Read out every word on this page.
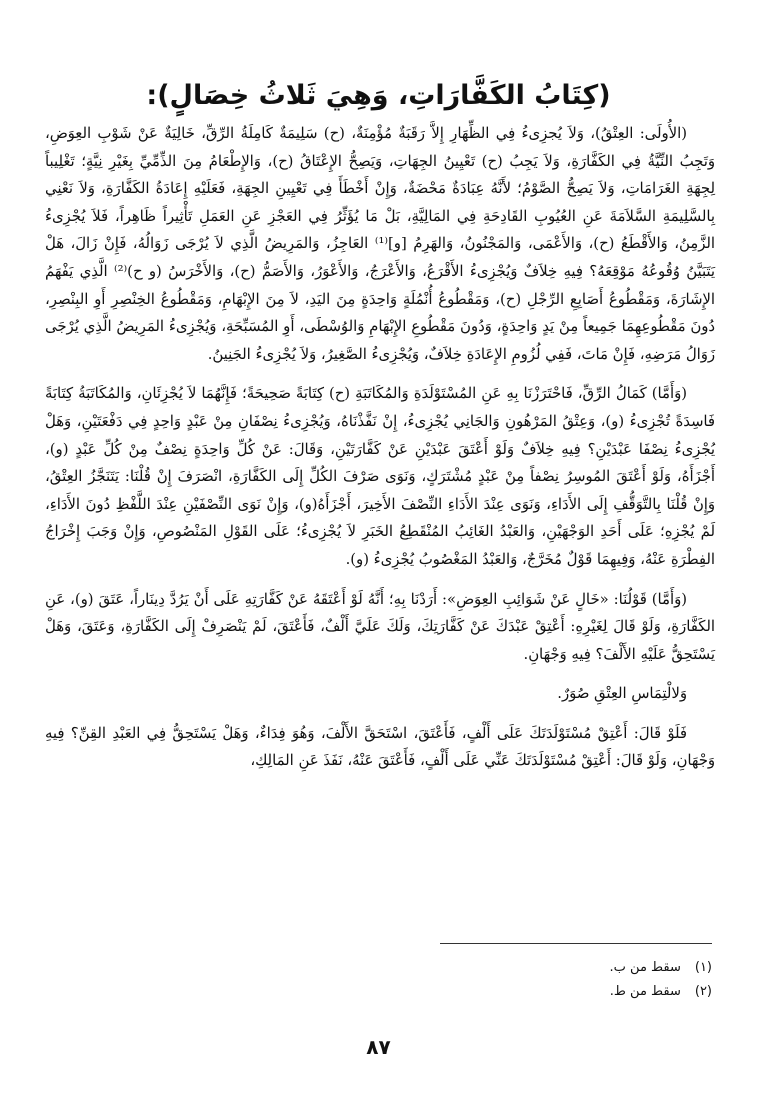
(كِتَابُ الكَفَّارَاتِ، وَهِيَ ثَلاثُ خِصَالٍ):

(الأُولَى: العِتْقُ)، وَلاَ يُجزِىءُ فِي الظِّهَارِ إِلاَّ رَقَبَةٌ مُؤْمِنَةٌ، (ح) سَلِيمَةٌ كَامِلَةُ الرِّقِّ، خَالِيَةٌ عَنْ شَوْبِ العِوَضِ، وَتَجِبُ النِّيَّةُ فِي الكَفَّارَةِ، وَلاَ يَجِبُ (ح) تَعْيِينُ الجِهَاتِ، وَيَصِحُّ الإِعْتَاقُ (ح)، وَالإِطْعَامُ مِنَ الذِّمِّيِّ بِغَيْرِ نِيَّةٍ؛ تَغْلِيباً لِجِهَةِ الغَرَامَاتِ، وَلاَ يَصِحُّ الصَّوْمُ؛ لأَنَّهُ عِبَادَةٌ مَحْضَةٌ، وَإِنْ أَخْطَأَ فِي تَعْيِينِ الجِهَةِ، فَعَلَيْهِ إِعَادَةُ الكَفَّارَةِ، وَلاَ نَعْنِي بِالسَّلِيمَةِ السَّلاَمَةَ عَنِ العُيُوبِ القَادِحَةِ فِي المَالِيَّةِ، بَلْ مَا يُؤَثِّرُ فِي العَجْزِ عَنِ العَمَلِ تَأْثِيراً ظَاهِراً، فَلاَ يُجْزِىءُ الزَّمِنُ، وَالأَقْطَعُ (ح)، وَالأَعْمَى، وَالمَجْنُونُ، وَالهَرِمُ [و]⁽¹⁾ العَاجِزُ، وَالمَرِيضُ الَّذِي لاَ يُرْجَى زَوَالُهُ، فَإِنْ زَالَ، هَلْ يَتَبَيَّنُ وُقُوعُهُ مَوْقِعَهُ؟ فِيهِ خِلاَفٌ وَيُجْزِىءُ الأَقْرَعُ، وَالأَعْرَجُ، وَالأَعْوَرُ، وَالأَصَمُّ (ح)، وَالأَخْرَسُ (و ح)⁽²⁾ الَّذِي يَفْهَمُ الإِشَارَةَ، وَمَقْطُوعُ أَصَابِعِ الرِّجْلِ (ح)، وَمَقْطُوعُ أُنْمُلَةٍ وَاحِدَةٍ مِنَ اليَدِ، لاَ مِنَ الإِبْهَامِ، وَمَقْطُوعُ الخِنْصِرِ أَوِ البِنْصِرِ، دُونَ مَقْطُوعِهِمَا جَمِيعاً مِنْ يَدٍ وَاحِدَةٍ، وَدُونَ مَقْطُوعِ الإِبْهَامِ وَالوُسْطَى، أَوِ المُسَبِّحَةِ، وَيُجْزِىءُ المَرِيضُ الَّذِي يُرْجَى زَوَالُ مَرَضِهِ، فَإِنْ مَاتَ، فَفِي لُزُومِ الإِعَادَةِ خِلاَفٌ، وَيُجْزِىءُ الصَّغِيرُ، وَلاَ يُجْزِىءُ الجَنِينُ.

(وَأَمَّا) كَمَالُ الرِّقِّ، فَاحْتَرَزْنَا بِهِ عَنِ المُسْتَوْلَدَةِ وَالمُكَاتَبَةِ (ح) كِتَابَةً صَحِيحَةً؛ فَإِنَّهُمَا لاَ يُجْزِئَانِ، وَالمُكَاتَبَةُ كِتَابَةً فَاسِدَةً تُجْزِىءُ (و)، وَعِتْقُ المَرْهُونِ وَالجَانِي يُجْزِىءُ، إِنْ نَفَّذْنَاهُ، وَيُجْزِىءُ نِصْفَانِ مِنْ عَبْدٍ وَاحِدٍ فِي دَفْعَتَيْنِ، وَهَلْ يُجْزِىءُ نِصْفَا عَبْدَيْنِ؟ فِيهِ خِلاَفٌ وَلَوْ أَعْتَقَ عَبْدَيْنِ عَنْ كَفَّارَتَيْنِ، وَقَالَ: عَنْ كُلِّ وَاحِدَةٍ نِصْفٌ مِنْ كُلِّ عَبْدٍ (و)، أَجْزَأَهُ، وَلَوْ أَعْتَقَ المُوسِرُ نِصْفاً مِنْ عَبْدٍ مُشْتَرَكٍ، وَنَوَى صَرْفَ الكُلِّ إِلَى الكَفَّارَةِ، انْصَرَفَ إِنْ قُلْنَا: يَتَنَجَّزُ العِتْقُ، وَإِنْ قُلْنَا بِالتَّوَقُّفِ إِلَى الأَدَاءِ، وَنَوَى عِنْدَ الأَدَاءِ النِّصْفَ الأَخِيرَ، أَجْزَأَهُ(و)، وَإِنْ نَوَى النِّصْفَيْنِ عِنْدَ اللَّفْظِ دُونَ الأَدَاءِ، لَمْ يُجْزِهِ؛ عَلَى أَحَدِ الوَجْهَيْنِ، وَالعَبْدُ الغَائِبُ المُنْقَطِعُ الخَبَرِ لاَ يُجْزِىءُ؛ عَلَى القَوْلِ المَنْصُوصِ، وَإِنْ وَجَبَ إِخْرَاجُ الفِطْرَةِ عَنْهُ، وَفِيهِمَا قَوْلٌ مُخَرَّجٌ، وَالعَبْدُ المَغْصُوبُ يُجْزِىءُ (و).

(وَأَمَّا) قَوْلُنَا: «خَالٍ عَنْ شَوَائِبِ العِوَضِ»: أَرَدْنَا بِهِ؛ أَنَّهُ لَوْ أَعْتَقَهُ عَنْ كَفَّارَتِهِ عَلَى أَنْ يَرُدَّ دِينَاراً، عَتَقَ (و)، عَنِ الكَفَّارَةِ، وَلَوْ قَالَ لِغَيْرِهِ: أَعْتِقْ عَبْدَكَ عَنْ كَفَّارَتِكَ، وَلَكَ عَلَيَّ أَلْفٌ، فَأَعْتَقَ، لَمْ يَنْصَرِفْ إِلَى الكَفَّارَةِ، وَعَتَقَ، وَهَلْ يَسْتَحِقُّ عَلَيْهِ الأَلْفَ؟ فِيهِ وَجْهَانِ.

وَلالْتِمَاسِ العِتْقِ صُوَرٌ.

فَلَوْ قَالَ: أَعْتِقْ مُسْتَوْلَدَتَكَ عَلَى أَلْفٍ، فَأَعْتَقَ، اسْتَحَقَّ الأَلْفَ، وَهُوَ فِدَاءٌ، وَهَلْ يَسْتَحِقُّ فِي العَبْدِ القِنِّ؟ فِيهِ وَجْهَانِ، وَلَوْ قَالَ: أَعْتِقْ مُسْتَوْلَدَتَكَ عَنِّي عَلَى أَلْفٍ، فَأَعْتَقَ عَنْهُ، نَفَذَ عَنِ المَالِكِ،

(١)
سقط من ب.
(٢)
سقط من ط.
٨٧
